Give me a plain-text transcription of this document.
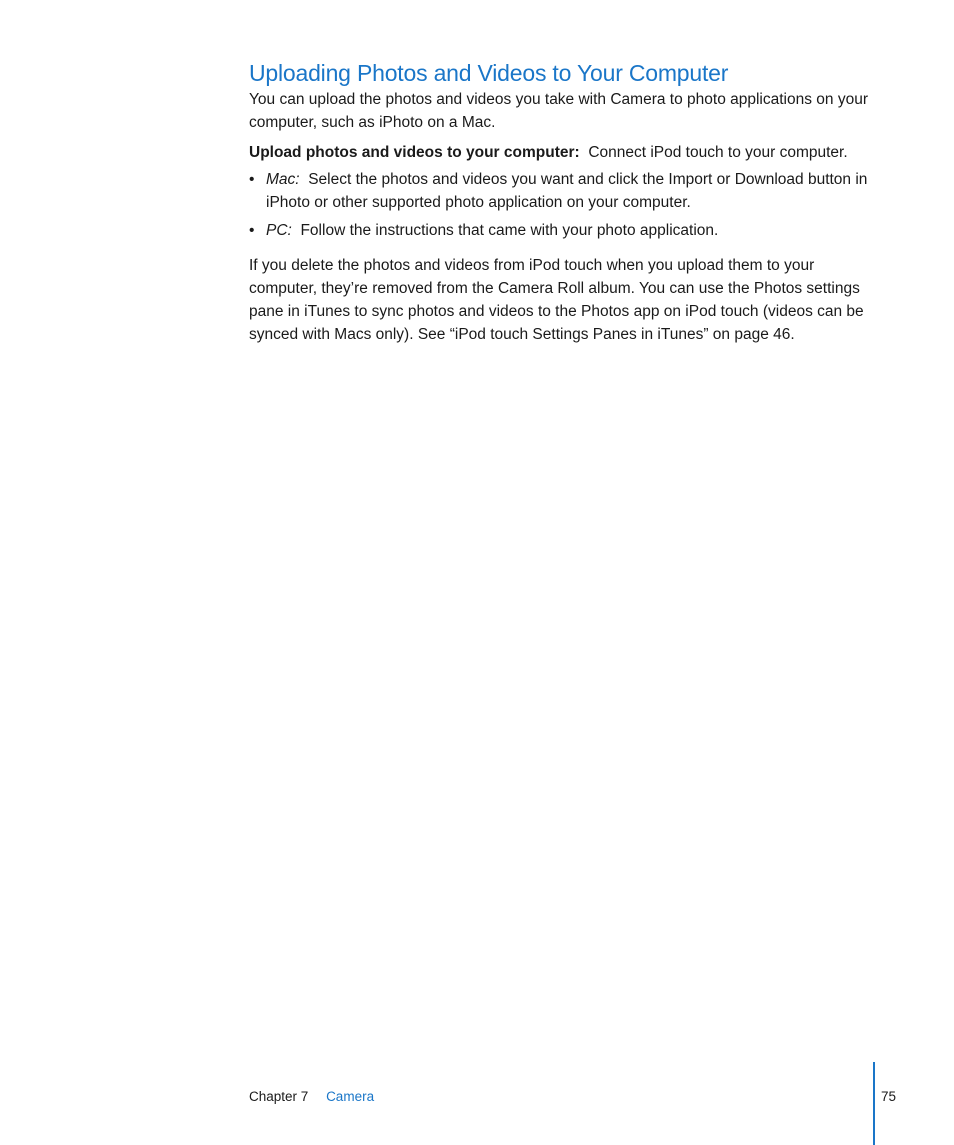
Uploading Photos and Videos to Your Computer

You can upload the photos and videos you take with Camera to photo applications on your computer, such as iPhoto on a Mac.

Upload photos and videos to your computer: Connect iPod touch to your computer.

• Mac: Select the photos and videos you want and click the Import or Download button in iPhoto or other supported photo application on your computer.
• PC: Follow the instructions that came with your photo application.

If you delete the photos and videos from iPod touch when you upload them to your computer, they’re removed from the Camera Roll album. You can use the Photos settings pane in iTunes to sync photos and videos to the Photos app on iPod touch (videos can be synced with Macs only). See “iPod touch Settings Panes in iTunes” on page 46.

Chapter 7 Camera	75
